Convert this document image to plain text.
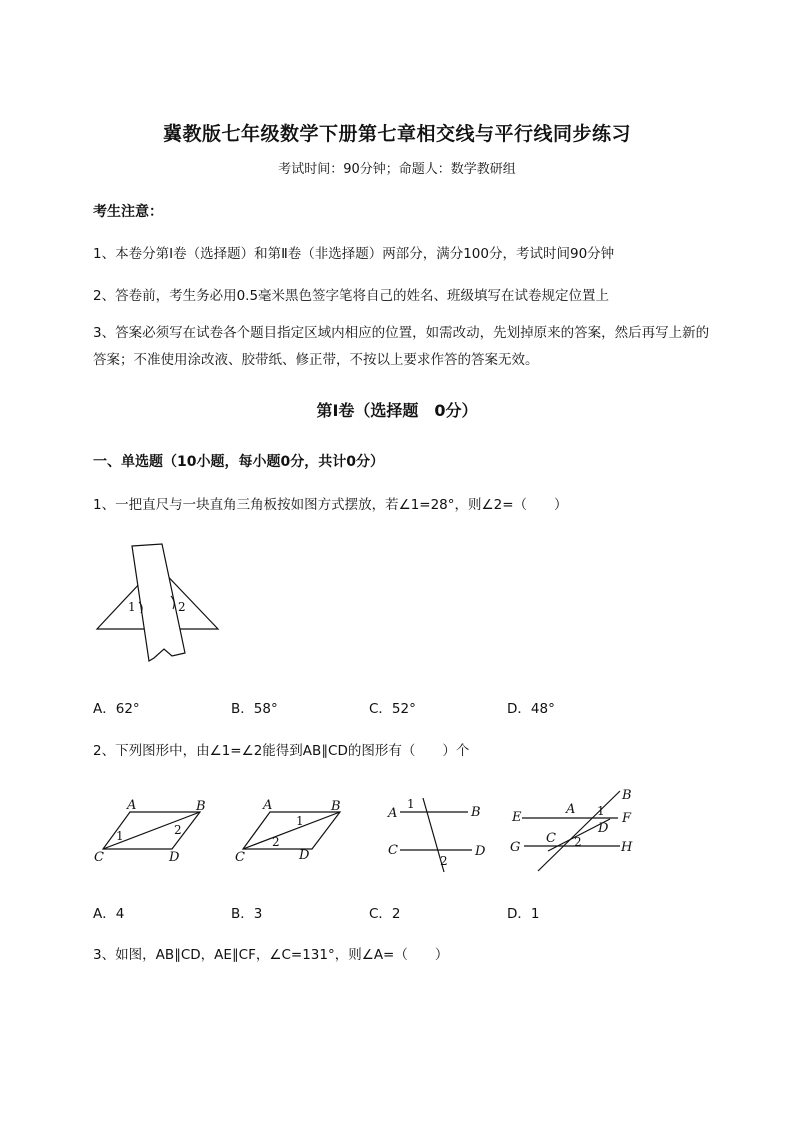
冀教版七年级数学下册第七章相交线与平行线同步练习
考试时间：90分钟；命题人：数学教研组
考生注意：
1、本卷分第I卷（选择题）和第Ⅱ卷（非选择题）两部分，满分100分，考试时间90分钟
2、答卷前，考生务必用0.5毫米黑色签字笔将自己的姓名、班级填写在试卷规定位置上
3、答案必须写在试卷各个题目指定区域内相应的位置，如需改动，先划掉原来的答案，然后再写上新的答案；不准使用涂改液、胶带纸、修正带，不按以上要求作答的答案无效。
第I卷（选择题　0分）
一、单选题（10小题，每小题0分，共计0分）
1、一把直尺与一块直角三角板按如图方式摆放，若∠1=28°，则∠2=（　　）
1	2
A．62°	B．58°	C．52°	D．48°
2、下列图形中，由∠1=∠2能得到AB∥CD的图形有（　　）个
A	B
C	D
1	2
A	B
C	D
1
2
A	B
C	D
1
2
A
B
E	F
C
D
G	H
1
2
A．4	B．3	C．2	D．1
3、如图，AB∥CD，AE∥CF，∠C=131°，则∠A=（　　）
